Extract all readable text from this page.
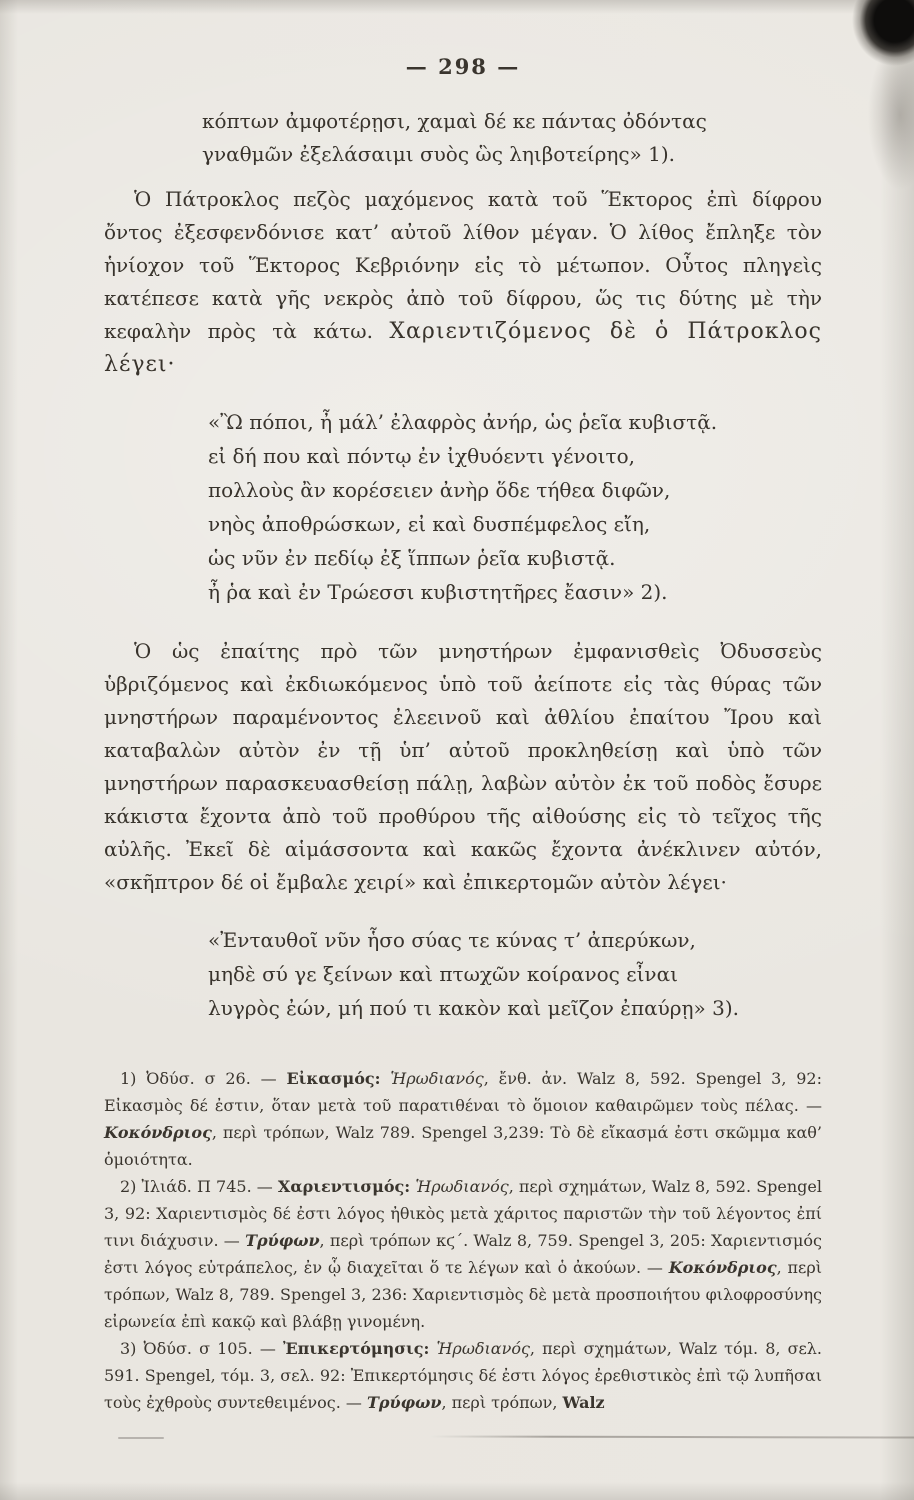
— 298 —
κόπτων ἀμφοτέρῃσι, χαμαὶ δέ κε πάντας ὀδόντας
γναθμῶν ἐξελάσαιμι συὸς ὣς ληιβοτείρης» 1).

Ὁ Πάτροκλος πεζὸς μαχόμενος κατὰ τοῦ Ἕκτορος ἐπὶ δίφρου ὄντος ἐξεσφενδόνισε κατ’ αὐτοῦ λίθον μέγαν. Ὁ λίθος ἔπληξε τὸν ἡνίοχον τοῦ Ἕκτορος Κεβριόνην εἰς τὸ μέτωπον. Οὗτος πληγεὶς κατέπεσε κατὰ γῆς νεκρὸς ἀπὸ τοῦ δίφρου, ὥς τις δύτης μὲ τὴν κεφαλὴν πρὸς τὰ κάτω. Χαριεντιζόμενος δὲ ὁ Πάτροκλος λέγει·

«Ὢ πόποι, ἦ μάλ’ ἐλαφρὸς ἀνήρ, ὡς ῥεῖα κυβιστᾷ.
εἰ δή που καὶ πόντῳ ἐν ἰχθυόεντι γένοιτο,
πολλοὺς ἂν κορέσειεν ἀνὴρ ὅδε τήθεα διφῶν,
νηὸς ἀποθρώσκων, εἰ καὶ δυσπέμφελος εἴη,
ὡς νῦν ἐν πεδίῳ ἐξ ἵππων ῥεῖα κυβιστᾷ.
ἦ ῥα καὶ ἐν Τρώεσσι κυβιστητῆρες ἔασιν» 2).

Ὁ ὡς ἐπαίτης πρὸ τῶν μνηστήρων ἐμφανισθεὶς Ὀδυσσεὺς ὑβριζόμενος καὶ ἐκδιωκόμενος ὑπὸ τοῦ ἀείποτε εἰς τὰς θύρας τῶν μνηστήρων παραμένοντος ἐλεεινοῦ καὶ ἀθλίου ἐπαίτου Ἴρου καὶ καταβαλὼν αὐτὸν ἐν τῇ ὑπ’ αὐτοῦ προκληθείσῃ καὶ ὑπὸ τῶν μνηστήρων παρασκευασθείσῃ πάλῃ, λαβὼν αὐτὸν ἐκ τοῦ ποδὸς ἔσυρε κάκιστα ἔχοντα ἀπὸ τοῦ προθύρου τῆς αἰθούσης εἰς τὸ τεῖχος τῆς αὐλῆς. Ἐκεῖ δὲ αἱμάσσοντα καὶ κακῶς ἔχοντα ἀνέκλινεν αὐτόν, «σκῆπτρον δέ οἱ ἔμβαλε χειρί» καὶ ἐπικερτομῶν αὐτὸν λέγει·

«Ἐνταυθοῖ νῦν ἧσο σύας τε κύνας τ’ ἀπερύκων,
μηδὲ σύ γε ξείνων καὶ πτωχῶν κοίρανος εἶναι
λυγρὸς ἐών, μή πού τι κακὸν καὶ μεῖζον ἐπαύρῃ» 3).

1) Ὀδύσ. σ 26. — Εἰκασμός: Ἡρωδιανός, ἔνθ. ἀν. Walz 8, 592. Spengel 3, 92: Εἰκασμὸς δέ ἐστιν, ὅταν μετὰ τοῦ παρατιθέναι τὸ ὅμοιον καθαιρῶμεν τοὺς πέλας. —Κοκόνδριος, περὶ τρόπων, Walz 789. Spengel 3,239: Τὸ δὲ εἴκασμά ἐστι σκῶμμα καθ’ ὁμοιότητα.

2) Ἰλιάδ. Π 745. — Χαριεντισμός: Ἡρωδιανός, περὶ σχημάτων, Walz 8, 592. Spengel 3, 92: Χαριεντισμὸς δέ ἐστι λόγος ἠθικὸς μετὰ χάριτος παριστῶν τὴν τοῦ λέγοντος ἐπί τινι διάχυσιν. — Τρύφων, περὶ τρόπων κϛ´. Walz 8, 759. Spengel 3, 205: Χαριεντισμός ἐστι λόγος εὐτράπελος, ἐν ᾧ διαχεῖται ὅ τε λέγων καὶ ὁ ἀκούων. — Κοκόνδριος, περὶ τρόπων, Walz 8, 789. Spengel 3, 236: Χαριεντισμὸς δὲ μετὰ προσποιήτου φιλοφροσύνης εἰρωνεία ἐπὶ κακῷ καὶ βλάβῃ γινομένη.

3) Ὀδύσ. σ 105. — Ἐπικερτόμησις: Ἡρωδιανός, περὶ σχημάτων, Walz τόμ. 8, σελ. 591. Spengel, τόμ. 3, σελ. 92: Ἐπικερτόμησις δέ ἐστι λόγος ἐρεθιστικὸς ἐπὶ τῷ λυπῆσαι τοὺς ἐχθροὺς συντεθειμένος. — Τρύφων, περὶ τρόπων, Walz
